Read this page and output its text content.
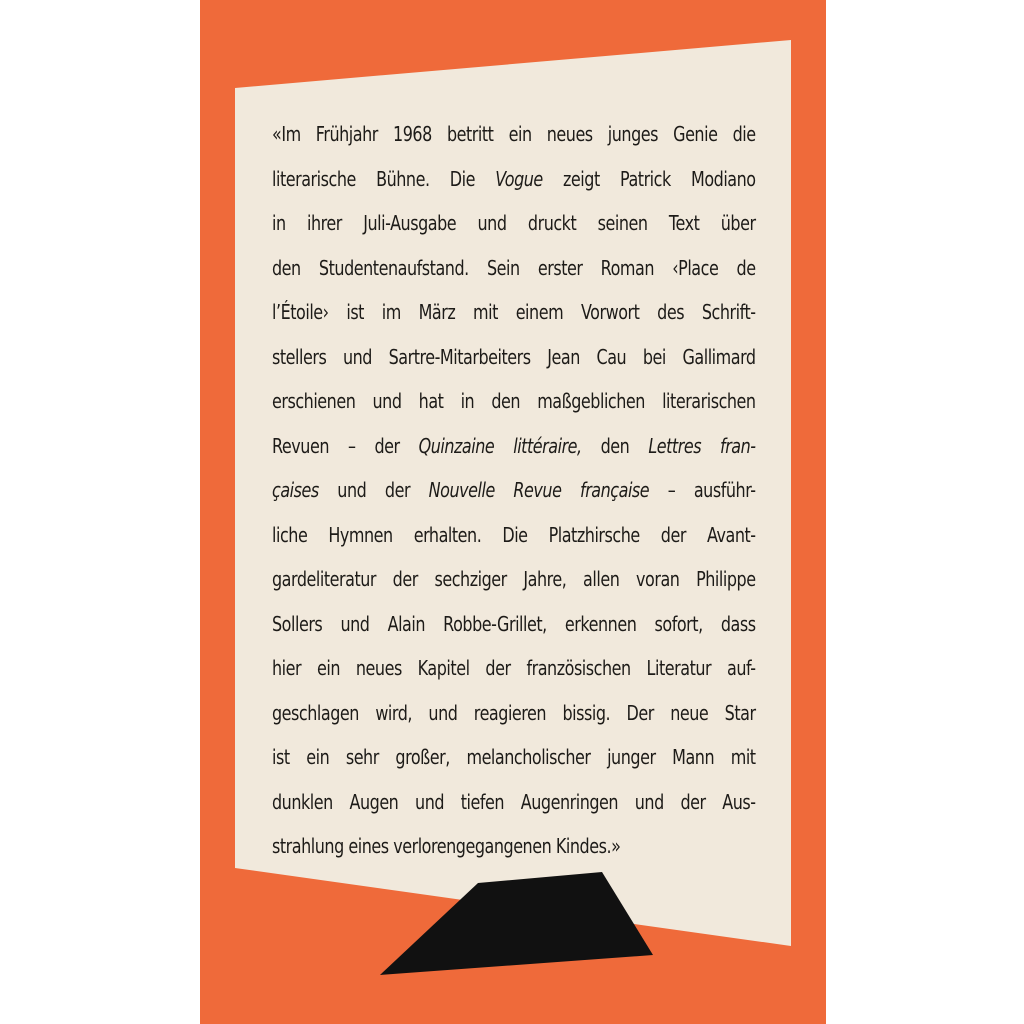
«Im Frühjahr 1968 betritt ein neues junges Genie die
literarische Bühne. Die Vogue zeigt Patrick Modiano
in ihrer Juli-Ausgabe und druckt seinen Text über
den Studentenaufstand. Sein erster Roman ‹Place de
l’Étoile› ist im März mit einem Vorwort des Schrift-
stellers und Sartre-Mitarbeiters Jean Cau bei Gallimard
erschienen und hat in den maßgeblichen literarischen
Revuen – der Quinzaine littéraire, den Lettres fran-
çaises und der Nouvelle Revue française – ausführ-
liche Hymnen erhalten. Die Platzhirsche der Avant-
gardeliteratur der sechziger Jahre, allen voran Philippe
Sollers und Alain Robbe-Grillet, erkennen sofort, dass
hier ein neues Kapitel der französischen Literatur auf-
geschlagen wird, und reagieren bissig. Der neue Star
ist ein sehr großer, melancholischer junger Mann mit
dunklen Augen und tiefen Augenringen und der Aus-
strahlung eines verlorengegangenen Kindes.»
